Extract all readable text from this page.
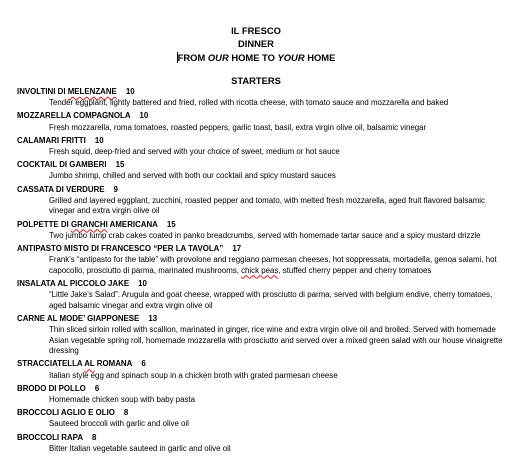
IL FRESCO
DINNER
FROM OUR HOME TO YOUR HOME
STARTERS
INVOLTINI DI MELENZANE 10
Tender eggplant, lightly battered and fried, rolled with ricotta cheese, with tomato sauce and mozzarella and baked
MOZZARELLA COMPAGNOLA 10
Fresh mozzarella, roma tomatoes, roasted peppers, garlic toast, basil, extra virgin olive oil, balsamic vinegar
CALAMARI FRITTI 10
Fresh squid, deep-fried and served with your choice of sweet, medium or hot sauce
COCKTAIL DI GAMBERI 15
Jumbo shrimp, chilled and served with both our cocktail and spicy mustard sauces
CASSATA DI VERDURE 9
Grilled and layered eggplant, zucchini, roasted pepper and tomato, with melted fresh mozzarella, aged fruit flavored balsamic vinegar and extra virgin olive oil
POLPETTE DI GRANCHI AMERICANA 15
Two jumbo lump crab cakes coated in panko breadcrumbs, served with homemade tartar sauce and a spicy mustard drizzle
ANTIPASTO MISTO DI FRANCESCO “PER LA TAVOLA” 17
Frank’s “antipasto for the table” with provolone and reggiano parmesan cheeses, hot soppressata, mortadella, genoa salami, hot capocollo, prosciutto di parma, marinated mushrooms, chick peas, stuffed cherry pepper and cherry tomatoes
INSALATA AL PICCOLO JAKE 10
“Little Jake’s Salad”. Arugula and goat cheese, wrapped with prosciutto di parma, served with belgium endive, cherry tomatoes, aged balsamic vinegar and extra virgin olive oil
CARNE AL MODE’ GIAPPONESE 13
Thin sliced sirloin rolled with scallion, marinated in ginger, rice wine and extra virgin olive oil and broiled. Served with homemade Asian vegetable spring roll, homemade mozzarella with prosciutto and served over a mixed green salad with our house vinaigrette dressing
STRACCIATELLA AL ROMANA 6
Italian style egg and spinach soup in a chicken broth with grated parmesan cheese
BRODO DI POLLO 6
Homemade chicken soup with baby pasta
BROCCOLI AGLIO E OLIO 8
Sauteed broccoli with garlic and olive oil
BROCCOLI RAPA 8
Bitter Italian vegetable sauteed in garlic and olive oil
